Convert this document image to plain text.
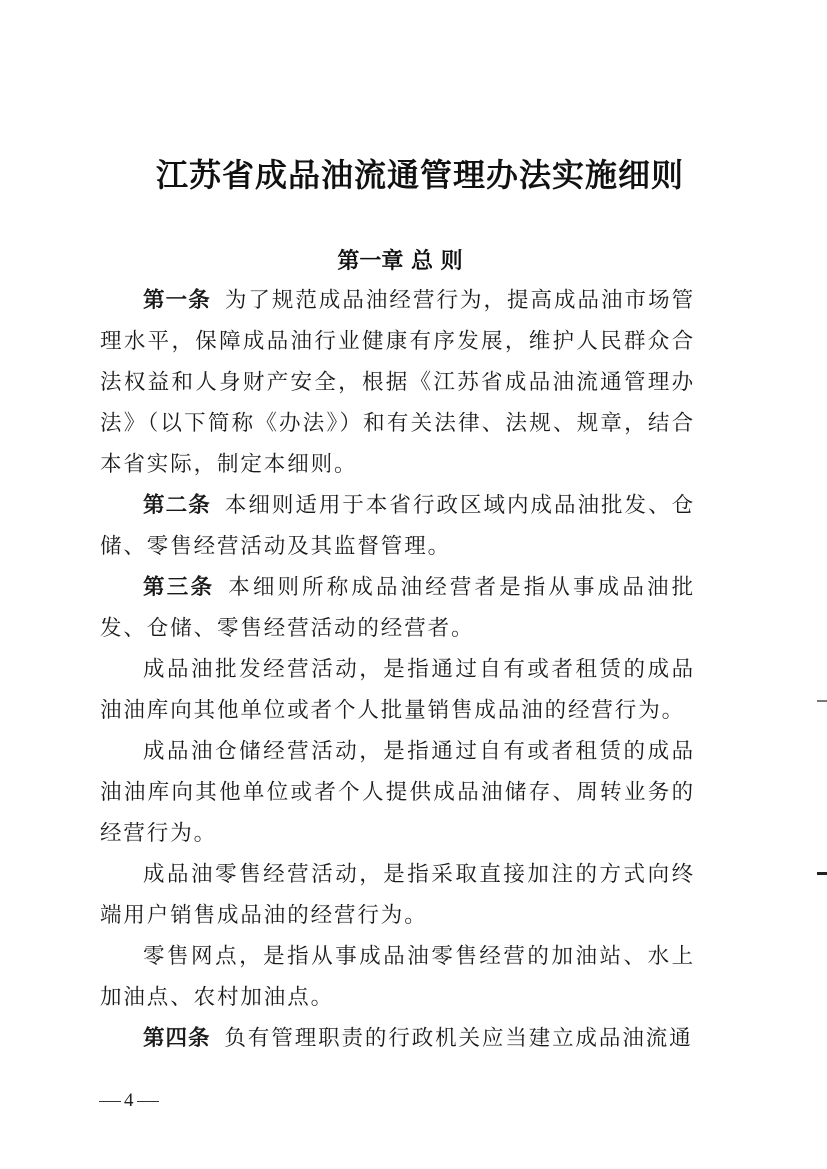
江苏省成品油流通管理办法实施细则
第一章 总 则

第一条 为了规范成品油经营行为，提高成品油市场管理水平，保障成品油行业健康有序发展，维护人民群众合法权益和人身财产安全，根据《江苏省成品油流通管理办法》（以下简称《办法》）和有关法律、法规、规章，结合本省实际，制定本细则。

第二条 本细则适用于本省行政区域内成品油批发、仓储、零售经营活动及其监督管理。

第三条 本细则所称成品油经营者是指从事成品油批发、仓储、零售经营活动的经营者。

成品油批发经营活动，是指通过自有或者租赁的成品油油库向其他单位或者个人批量销售成品油的经营行为。

成品油仓储经营活动，是指通过自有或者租赁的成品油油库向其他单位或者个人提供成品油储存、周转业务的经营行为。

成品油零售经营活动，是指采取直接加注的方式向终端用户销售成品油的经营行为。

零售网点，是指从事成品油零售经营的加油站、水上加油点、农村加油点。

第四条 负有管理职责的行政机关应当建立成品油流通

4
